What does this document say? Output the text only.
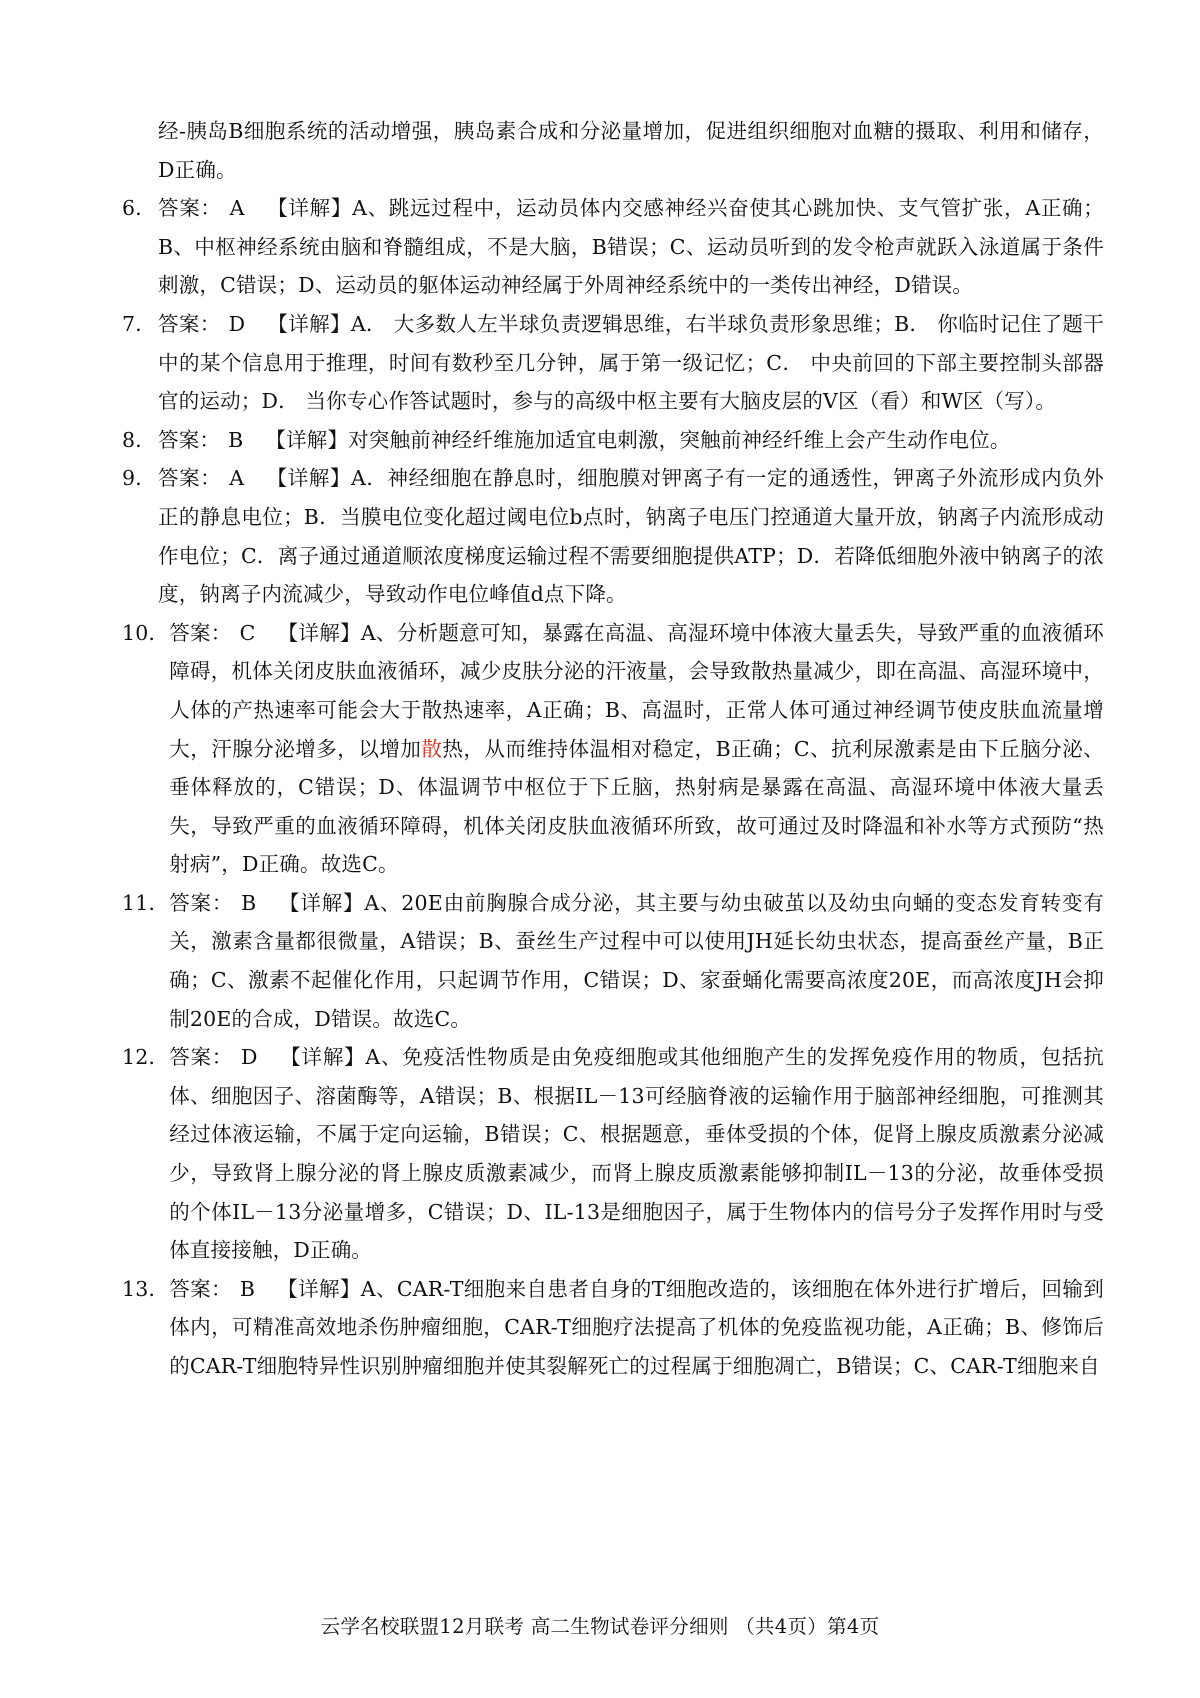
经-胰岛B细胞系统的活动增强，胰岛素合成和分泌量增加，促进组织细胞对血糖的摄取、利用和储存，D正确。
6． 答案： A 【详解】A、跳远过程中，运动员体内交感神经兴奋使其心跳加快、支气管扩张，A正确；B、中枢神经系统由脑和脊髓组成，不是大脑，B错误；C、运动员听到的发令枪声就跃入泳道属于条件刺激，C错误；D、运动员的躯体运动神经属于外周神经系统中的一类传出神经，D错误。
7． 答案： D 【详解】A． 大多数人左半球负责逻辑思维，右半球负责形象思维；B． 你临时记住了题干中的某个信息用于推理，时间有数秒至几分钟，属于第一级记忆；C． 中央前回的下部主要控制头部器官的运动；D． 当你专心作答试题时，参与的高级中枢主要有大脑皮层的V区（看）和W区（写）。
8． 答案： B 【详解】对突触前神经纤维施加适宜电刺激，突触前神经纤维上会产生动作电位。
9． 答案： A 【详解】A．神经细胞在静息时，细胞膜对钾离子有一定的通透性，钾离子外流形成内负外正的静息电位；B．当膜电位变化超过阈电位b点时，钠离子电压门控通道大量开放，钠离子内流形成动作电位；C．离子通过通道顺浓度梯度运输过程不需要细胞提供ATP；D．若降低细胞外液中钠离子的浓度，钠离子内流减少，导致动作电位峰值d点下降。
10． 答案： C 【详解】A、分析题意可知，暴露在高温、高湿环境中体液大量丢失，导致严重的血液循环障碍，机体关闭皮肤血液循环，减少皮肤分泌的汗液量，会导致散热量减少，即在高温、高湿环境中，人体的产热速率可能会大于散热速率，A正确；B、高温时，正常人体可通过神经调节使皮肤血流量增大，汗腺分泌增多，以增加散热，从而维持体温相对稳定，B正确；C、抗利尿激素是由下丘脑分泌、垂体释放的，C错误；D、体温调节中枢位于下丘脑，热射病是暴露在高温、高湿环境中体液大量丢失，导致严重的血液循环障碍，机体关闭皮肤血液循环所致，故可通过及时降温和补水等方式预防“热射病”，D正确。故选C。
11． 答案： B 【详解】A、20E由前胸腺合成分泌，其主要与幼虫破茧以及幼虫向蛹的变态发育转变有关，激素含量都很微量，A错误；B、蚕丝生产过程中可以使用JH延长幼虫状态，提高蚕丝产量，B正确；C、激素不起催化作用，只起调节作用，C错误；D、家蚕蛹化需要高浓度20E，而高浓度JH会抑制20E的合成，D错误。故选C。
12． 答案： D 【详解】A、免疫活性物质是由免疫细胞或其他细胞产生的发挥免疫作用的物质，包括抗体、细胞因子、溶菌酶等，A错误；B、根据IL－13可经脑脊液的运输作用于脑部神经细胞，可推测其经过体液运输，不属于定向运输，B错误；C、根据题意，垂体受损的个体，促肾上腺皮质激素分泌减少，导致肾上腺分泌的肾上腺皮质激素减少，而肾上腺皮质激素能够抑制IL－13的分泌，故垂体受损的个体IL－13分泌量增多，C错误；D、IL-13是细胞因子，属于生物体内的信号分子发挥作用时与受体直接接触，D正确。
13． 答案： B 【详解】A、CAR-T细胞来自患者自身的T细胞改造的，该细胞在体外进行扩增后，回输到体内，可精准高效地杀伤肿瘤细胞，CAR-T细胞疗法提高了机体的免疫监视功能，A正确；B、修饰后的CAR-T细胞特异性识别肿瘤细胞并使其裂解死亡的过程属于细胞凋亡，B错误；C、CAR-T细胞来自
云学名校联盟12月联考 高二生物试卷评分细则 （共4页）第4页
